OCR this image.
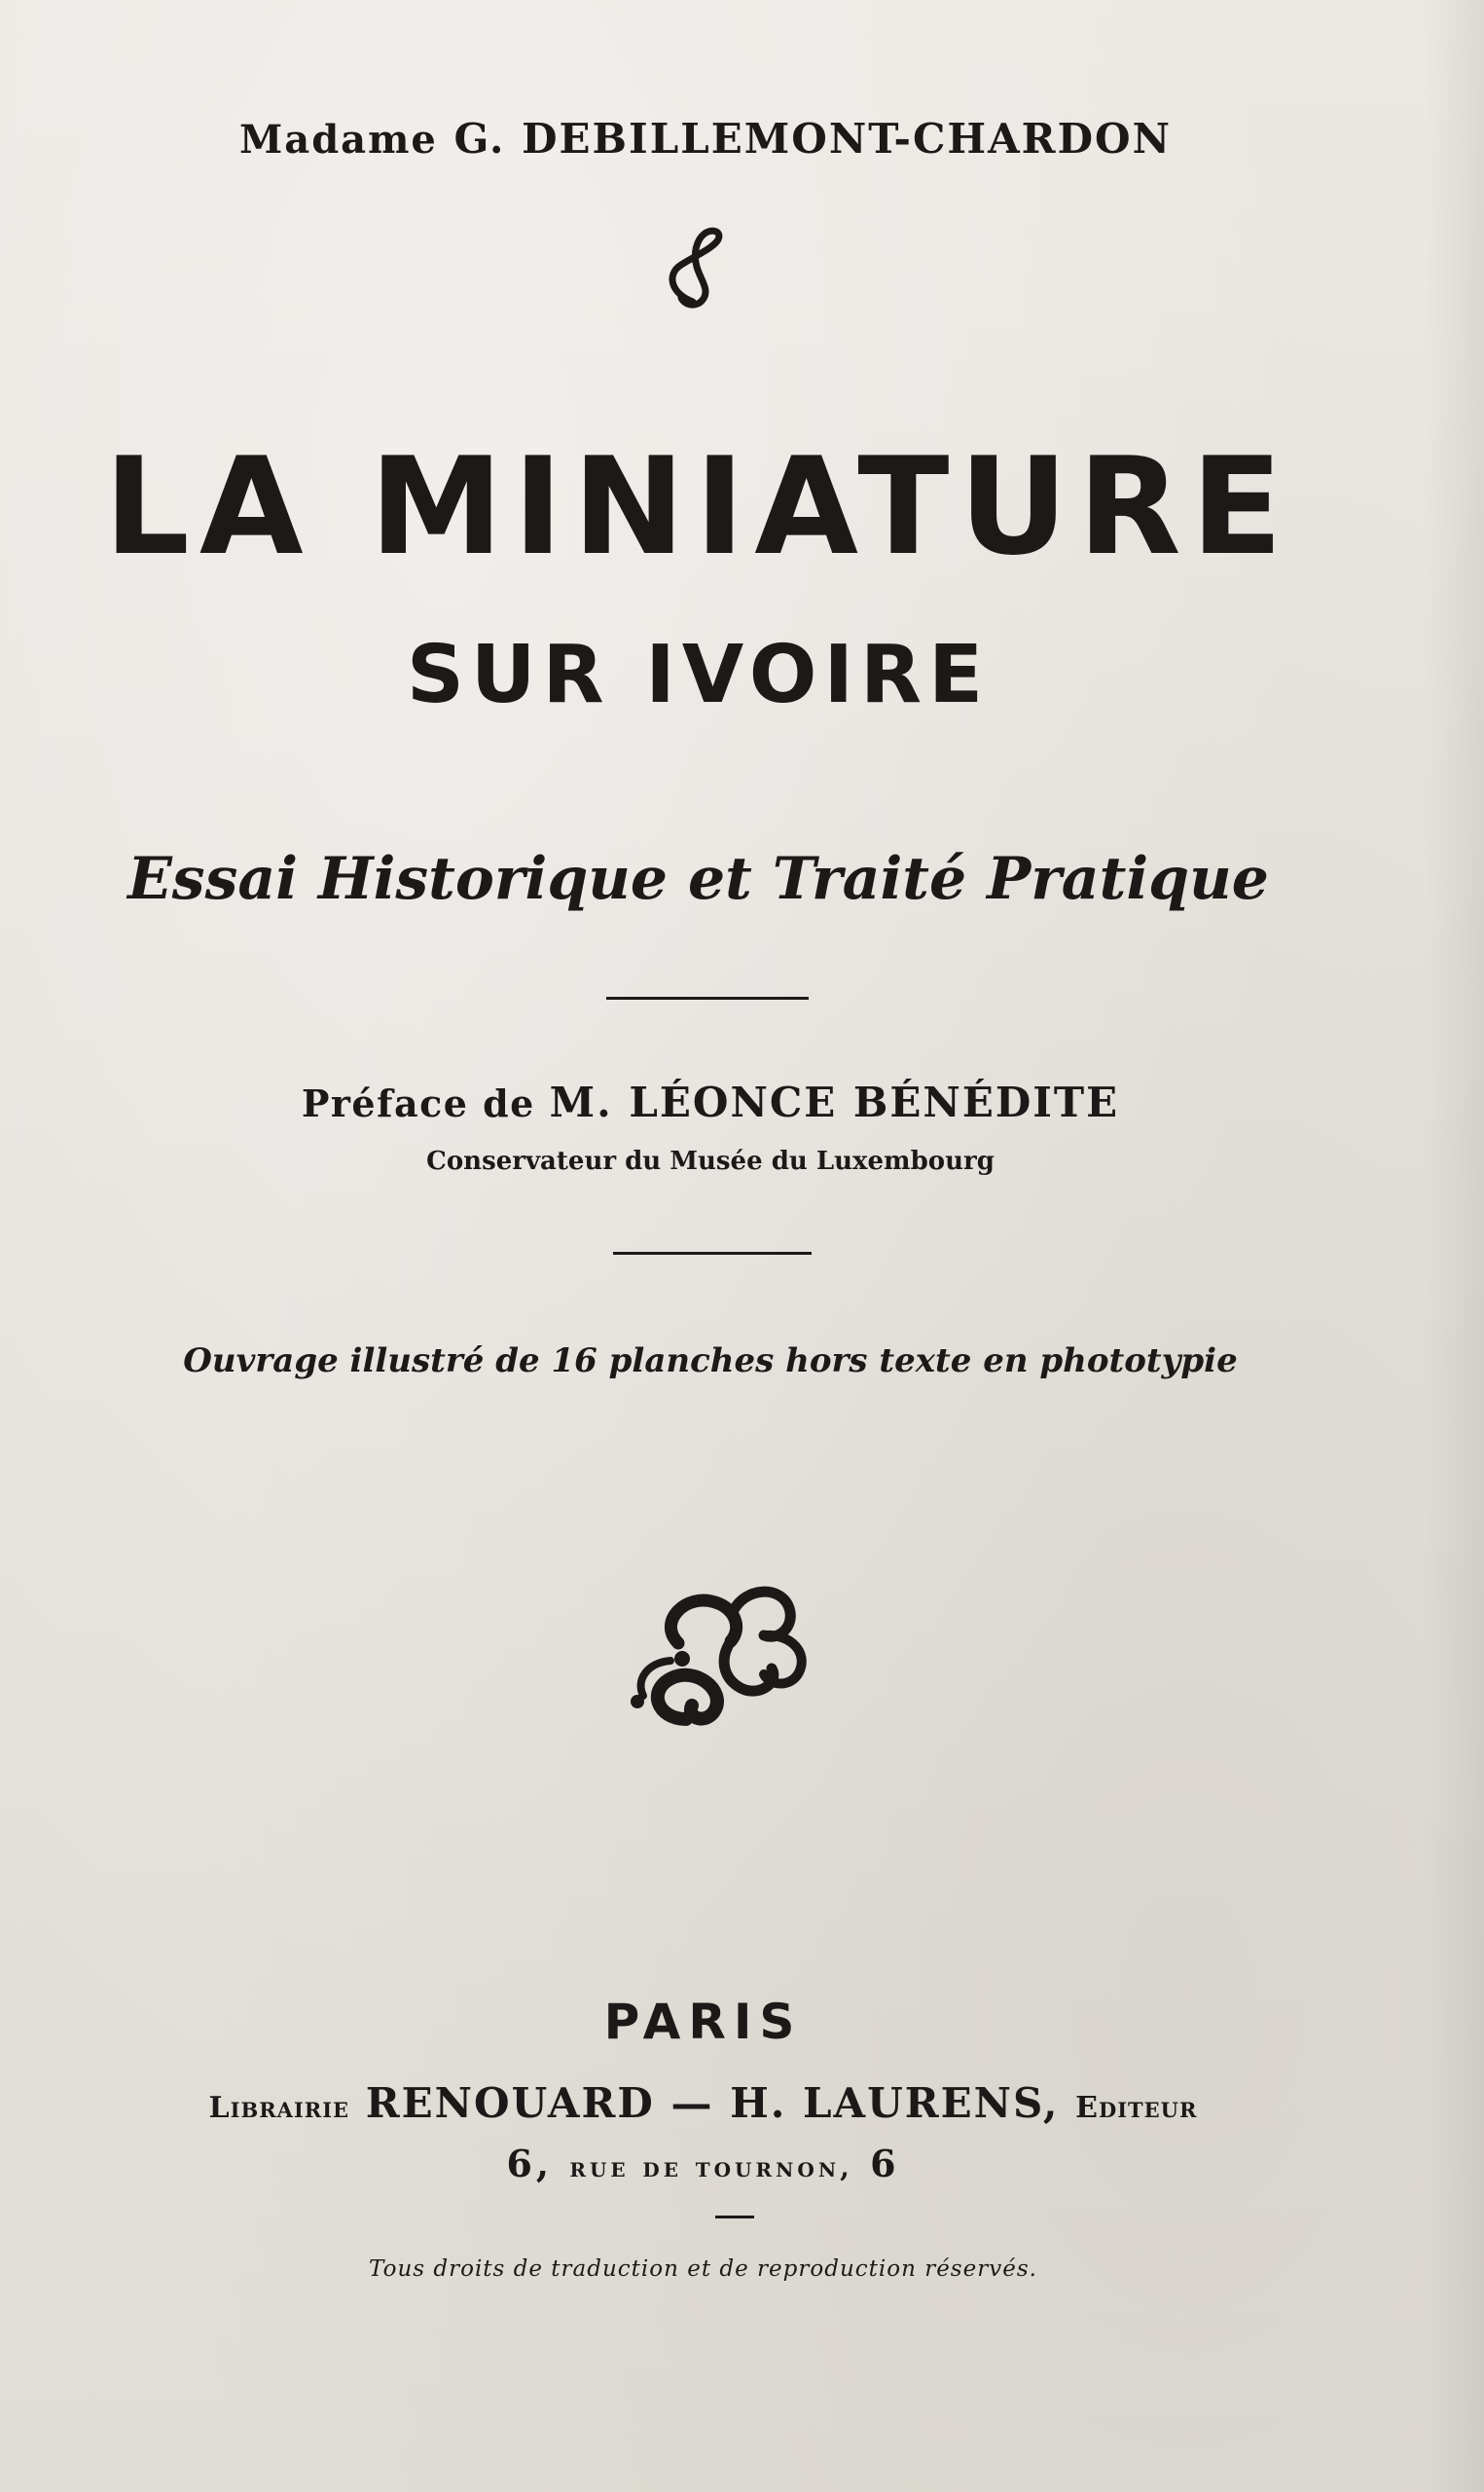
Madame G. DEBILLEMONT-CHARDON
LA MINIATURE
SUR IVOIRE
Essai Historique et Traité Pratique
Préface de M. LÉONCE BÉNÉDITE
Conservateur du Musée du Luxembourg
Ouvrage illustré de 16 planches hors texte en phototypie
PARIS
Librairie RENOUARD — H. LAURENS, Editeur
6, rue de tournon, 6
Tous droits de traduction et de reproduction réservés.
